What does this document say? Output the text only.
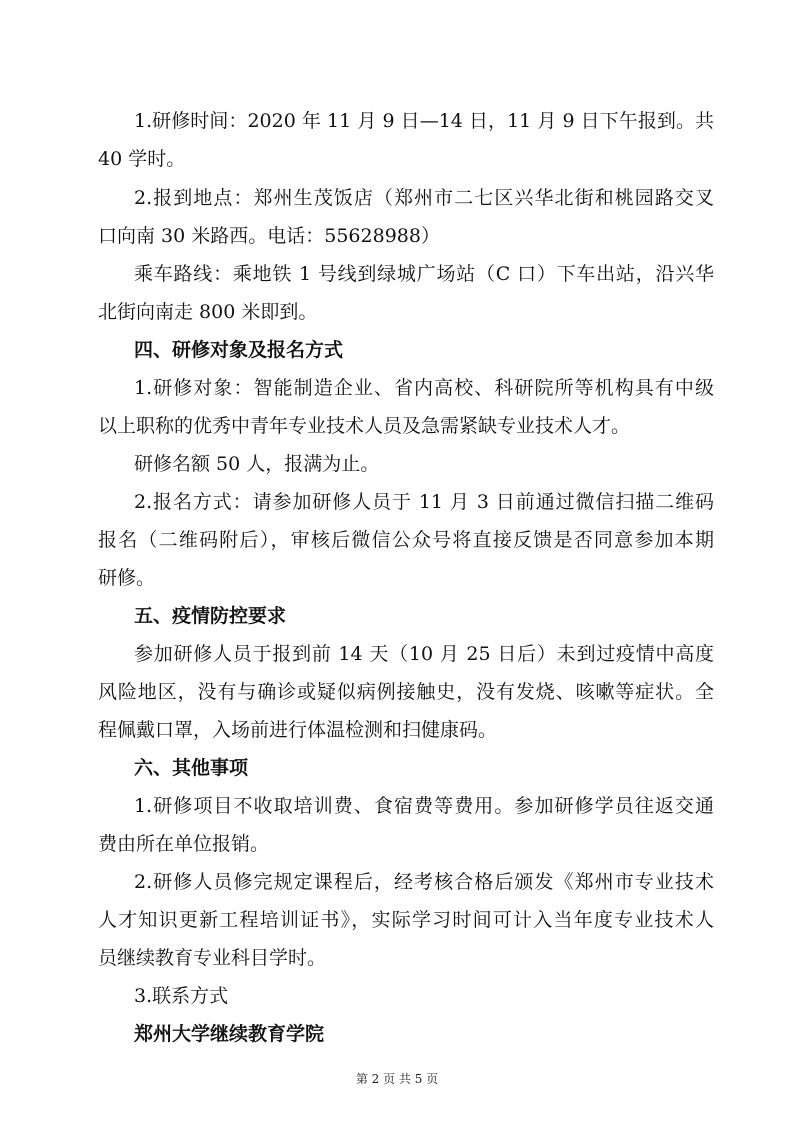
1.研修时间：2020 年 11 月 9 日—14 日，11 月 9 日下午报到。共
40 学时。
2.报到地点：郑州生茂饭店（郑州市二七区兴华北街和桃园路交叉
口向南 30 米路西。电话：55628988）
乘车路线：乘地铁 1 号线到绿城广场站（C 口）下车出站，沿兴华
北街向南走 800 米即到。
四、研修对象及报名方式
1.研修对象：智能制造企业、省内高校、科研院所等机构具有中级
以上职称的优秀中青年专业技术人员及急需紧缺专业技术人才。
研修名额 50 人，报满为止。
2.报名方式：请参加研修人员于 11 月 3 日前通过微信扫描二维码
报名（二维码附后），审核后微信公众号将直接反馈是否同意参加本期
研修。
五、疫情防控要求
参加研修人员于报到前 14 天（10 月 25 日后）未到过疫情中高度
风险地区，没有与确诊或疑似病例接触史，没有发烧、咳嗽等症状。全
程佩戴口罩，入场前进行体温检测和扫健康码。
六、其他事项
1.研修项目不收取培训费、食宿费等费用。参加研修学员往返交通
费由所在单位报销。
2.研修人员修完规定课程后，经考核合格后颁发《郑州市专业技术
人才知识更新工程培训证书》，实际学习时间可计入当年度专业技术人
员继续教育专业科目学时。
3.联系方式
郑州大学继续教育学院
第 2 页 共 5 页
